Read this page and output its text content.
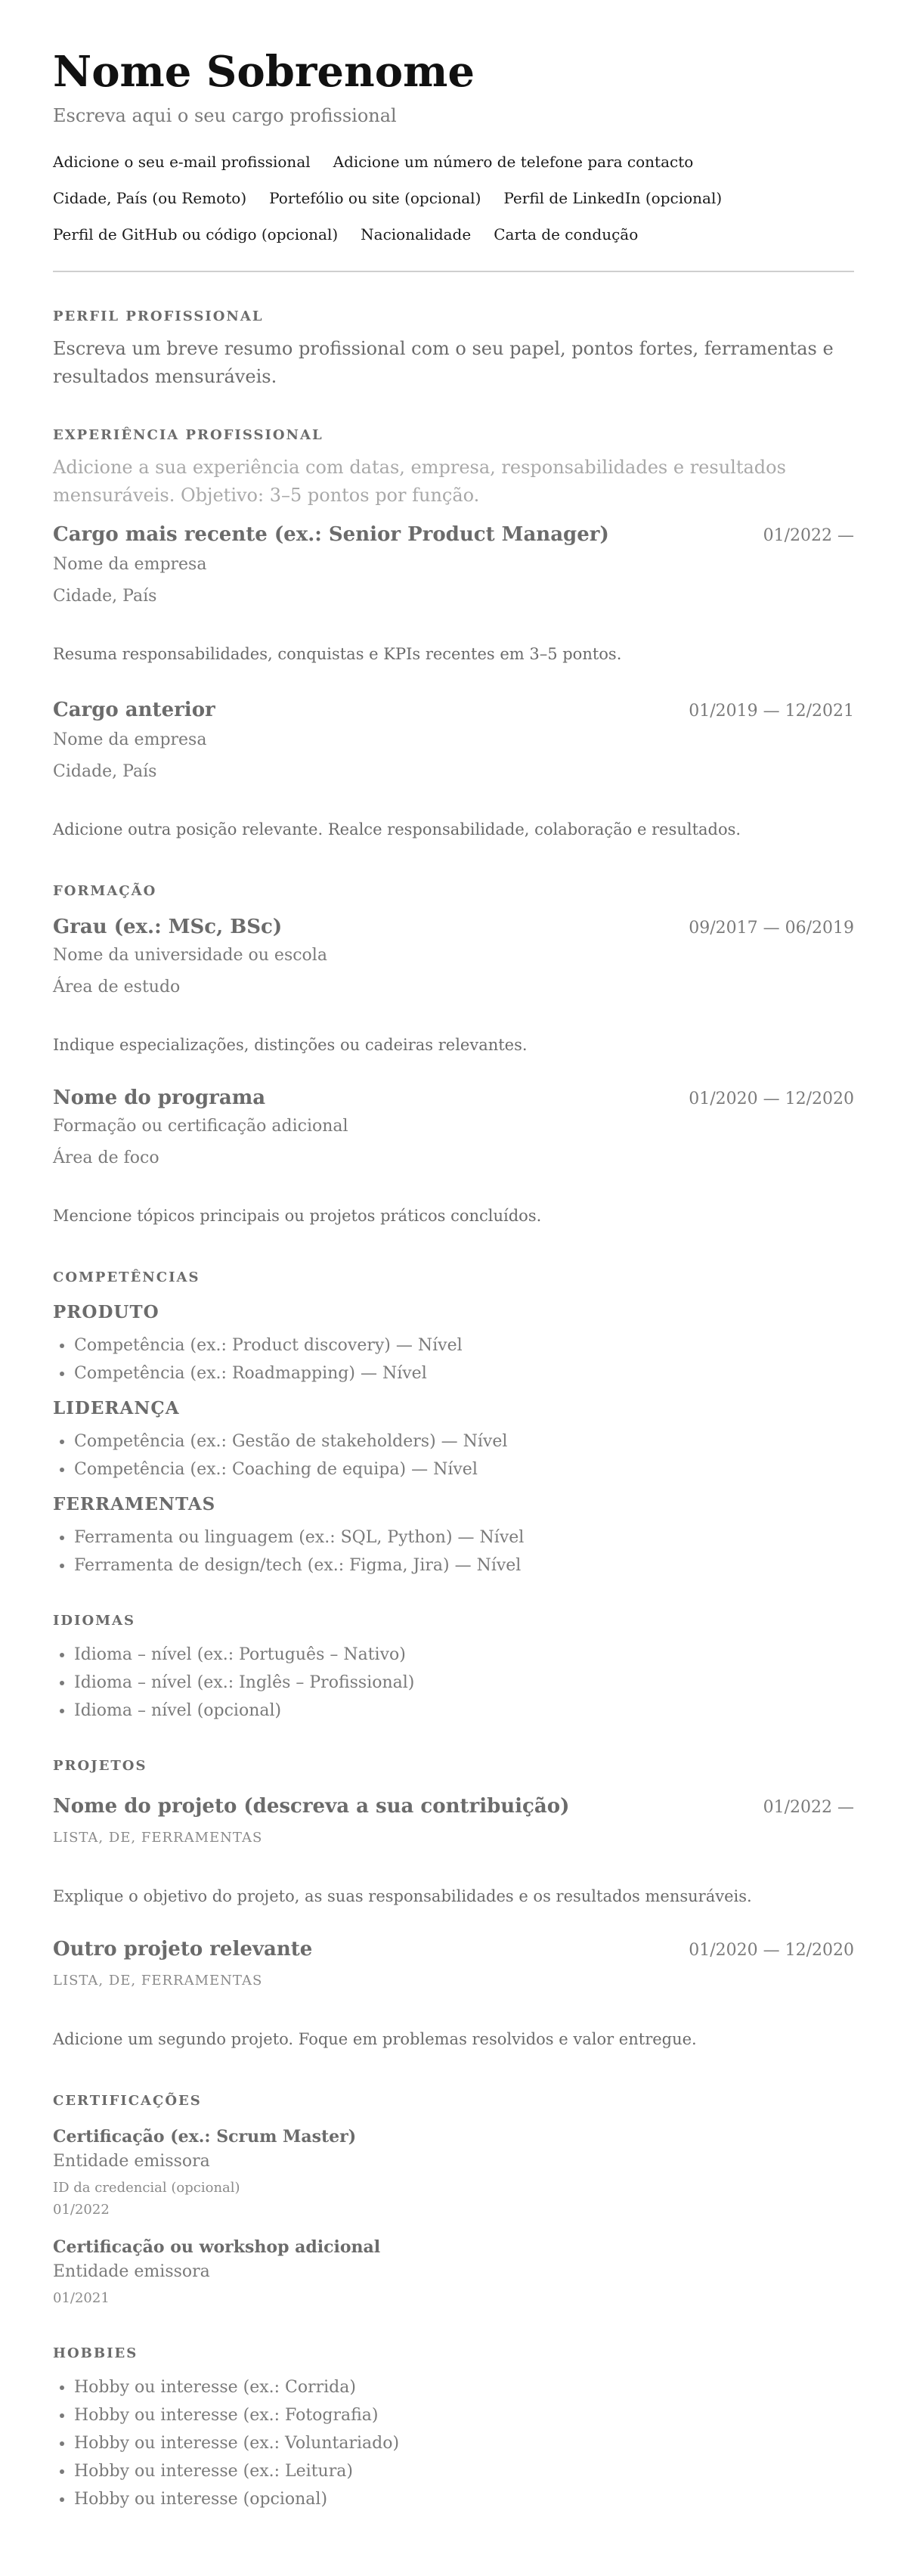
Nome Sobrenome
Escreva aqui o seu cargo profissional
Adicione o seu e-mail profissional Adicione um número de telefone para contacto
Cidade, País (ou Remoto) Portefólio ou site (opcional) Perfil de LinkedIn (opcional)
Perfil de GitHub ou código (opcional) Nacionalidade Carta de condução
PERFIL PROFISSIONAL
Escreva um breve resumo profissional com o seu papel, pontos fortes, ferramentas e resultados mensuráveis.
EXPERIÊNCIA PROFISSIONAL
Adicione a sua experiência com datas, empresa, responsabilidades e resultados mensuráveis. Objetivo: 3–5 pontos por função.
Cargo mais recente (ex.: Senior Product Manager)	01/2022 —
Nome da empresa
Cidade, País
Resuma responsabilidades, conquistas e KPIs recentes em 3–5 pontos.
Cargo anterior	01/2019 — 12/2021
Nome da empresa
Cidade, País
Adicione outra posição relevante. Realce responsabilidade, colaboração e resultados.
FORMAÇÃO
Grau (ex.: MSc, BSc)	09/2017 — 06/2019
Nome da universidade ou escola
Área de estudo
Indique especializações, distinções ou cadeiras relevantes.
Nome do programa	01/2020 — 12/2020
Formação ou certificação adicional
Área de foco
Mencione tópicos principais ou projetos práticos concluídos.
COMPETÊNCIAS
PRODUTO
• Competência (ex.: Product discovery) — Nível
• Competência (ex.: Roadmapping) — Nível
LIDERANÇA
• Competência (ex.: Gestão de stakeholders) — Nível
• Competência (ex.: Coaching de equipa) — Nível
FERRAMENTAS
• Ferramenta ou linguagem (ex.: SQL, Python) — Nível
• Ferramenta de design/tech (ex.: Figma, Jira) — Nível
IDIOMAS
• Idioma – nível (ex.: Português – Nativo)
• Idioma – nível (ex.: Inglês – Profissional)
• Idioma – nível (opcional)
PROJETOS
Nome do projeto (descreva a sua contribuição)	01/2022 —
LISTA, DE, FERRAMENTAS
Explique o objetivo do projeto, as suas responsabilidades e os resultados mensuráveis.
Outro projeto relevante	01/2020 — 12/2020
LISTA, DE, FERRAMENTAS
Adicione um segundo projeto. Foque em problemas resolvidos e valor entregue.
CERTIFICAÇÕES
Certificação (ex.: Scrum Master)
Entidade emissora
ID da credencial (opcional)
01/2022
Certificação ou workshop adicional
Entidade emissora
01/2021
HOBBIES
• Hobby ou interesse (ex.: Corrida)
• Hobby ou interesse (ex.: Fotografia)
• Hobby ou interesse (ex.: Voluntariado)
• Hobby ou interesse (ex.: Leitura)
• Hobby ou interesse (opcional)
